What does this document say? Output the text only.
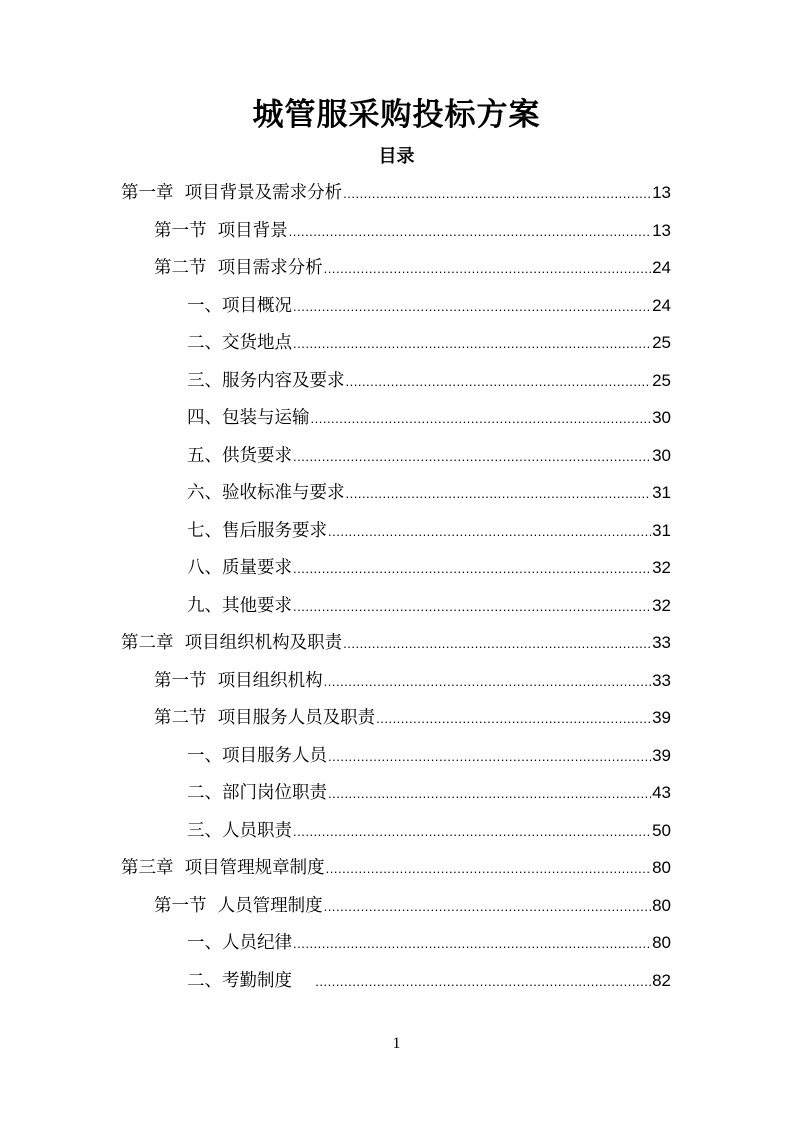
城管服采购投标方案
目录
第一章  项目背景及需求分析 .....	13
第一节  项目背景 .....	13
第二节  项目需求分析 .....	24
一、项目概况 .....	24
二、交货地点 .....	25
三、服务内容及要求 .....	25
四、包装与运输 .....	30
五、供货要求 .....	30
六、验收标准与要求 .....	31
七、售后服务要求 .....	31
八、质量要求 .....	32
九、其他要求 .....	32
第二章  项目组织机构及职责 .....	33
第一节  项目组织机构 .....	33
第二节  项目服务人员及职责 .....	39
一、项目服务人员 .....	39
二、部门岗位职责 .....	43
三、人员职责 .....	50
第三章  项目管理规章制度 .....	80
第一节  人员管理制度 .....	80
一、人员纪律 .....	80
二、考勤制度 .....	82
1
